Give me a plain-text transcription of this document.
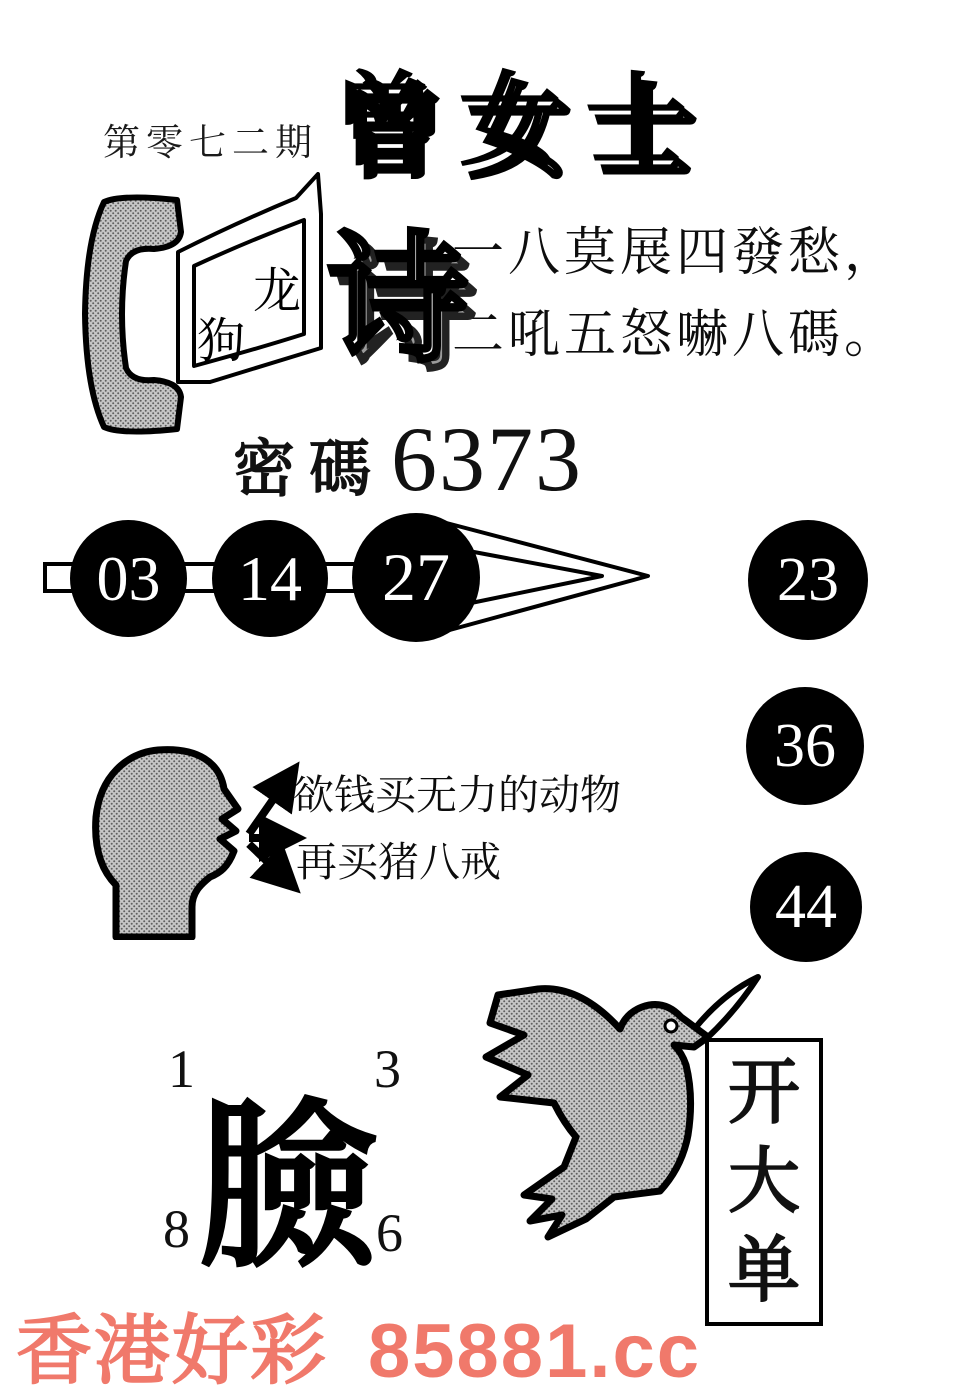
第零七二期 曾女士 曾女士
龙
狗 诗 诗
一八莫展四發愁，
二吼五怒嚇八碼。
密碼 6373
03	14	27	23
36
44
欲钱买无力的动物
再买猪八戒
1	3
8	6
臉	开
大
单
香港好彩 85881.cc
